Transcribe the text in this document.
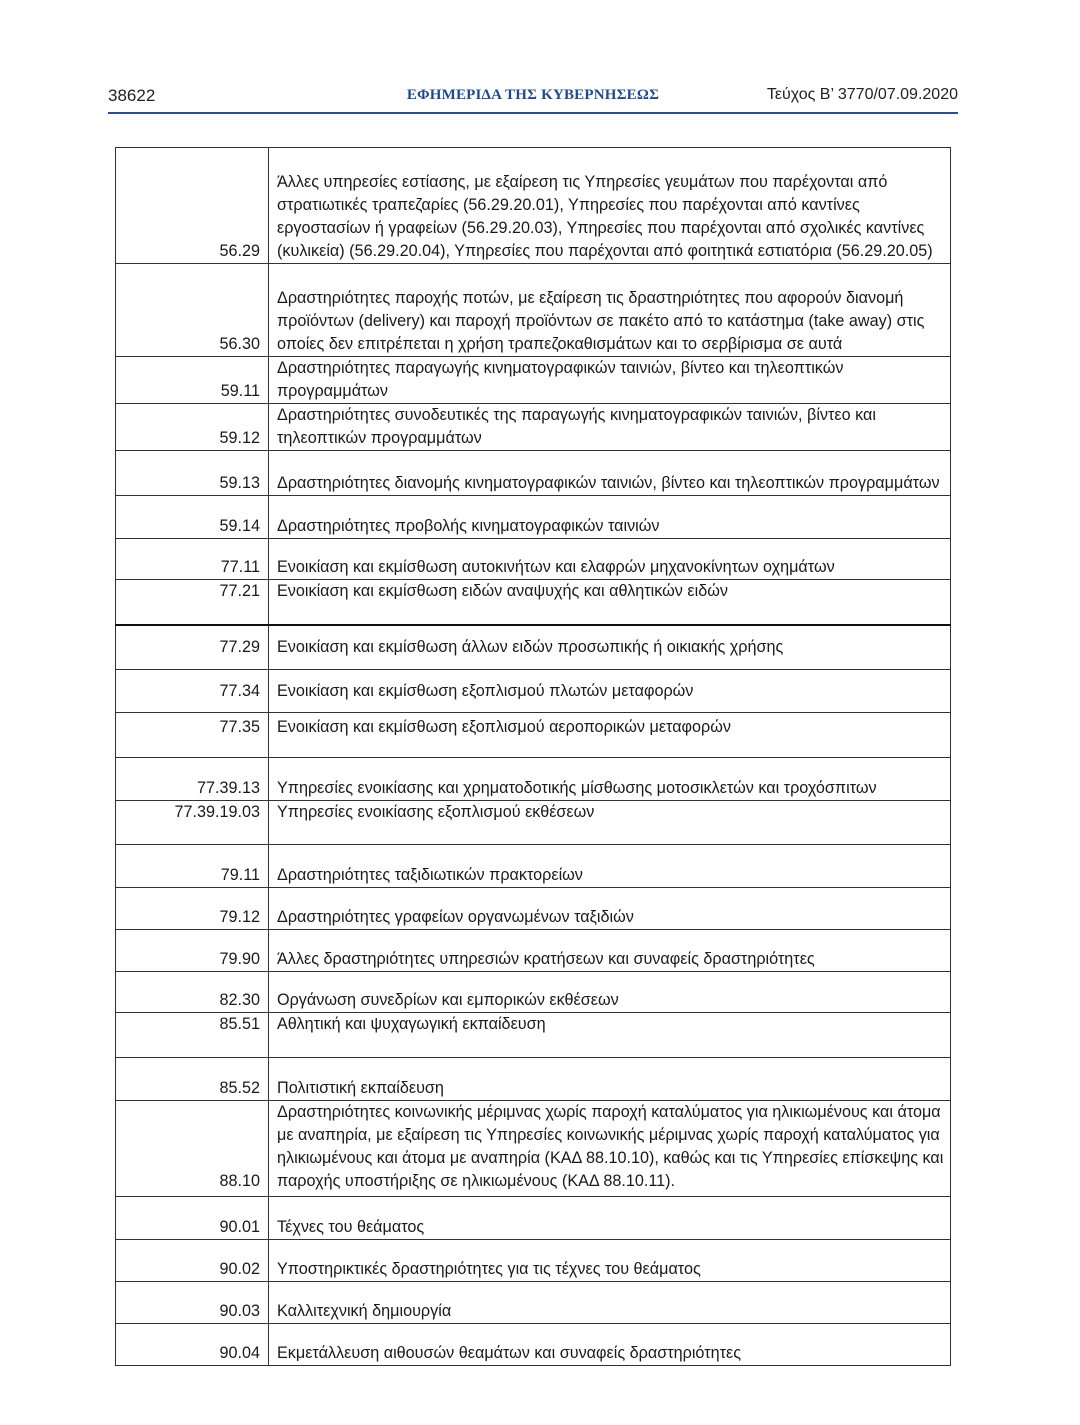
38622	ΕΦΗΜΕΡΙΔΑ ΤΗΣ ΚΥΒΕΡΝΗΣΕΩΣ	Τεύχος Β’ 3770/07.09.2020
56.29	Άλλες υπηρεσίες εστίασης, με εξαίρεση τις Υπηρεσίες γευμάτων που παρέχονται από στρατιωτικές τραπεζαρίες (56.29.20.01), Υπηρεσίες που παρέχονται από καντίνες εργοστασίων ή γραφείων (56.29.20.03), Υπηρεσίες που παρέχονται από σχολικές καντίνες (κυλικεία) (56.29.20.04), Υπηρεσίες που παρέχονται από φοιτητικά εστιατόρια (56.29.20.05)
56.30	Δραστηριότητες παροχής ποτών, με εξαίρεση τις δραστηριότητες που αφορούν διανομή προϊόντων (delivery) και παροχή προϊόντων σε πακέτο από το κατάστημα (take away) στις οποίες δεν επιτρέπεται η χρήση τραπεζοκαθισμάτων και το σερβίρισμα σε αυτά
59.11	Δραστηριότητες παραγωγής κινηματογραφικών ταινιών, βίντεο και τηλεοπτικών προγραμμάτων
59.12	Δραστηριότητες συνοδευτικές της παραγωγής κινηματογραφικών ταινιών, βίντεο και τηλεοπτικών προγραμμάτων
59.13	Δραστηριότητες διανομής κινηματογραφικών ταινιών, βίντεο και τηλεοπτικών προγραμμάτων
59.14	Δραστηριότητες προβολής κινηματογραφικών ταινιών
77.11	Ενοικίαση και εκμίσθωση αυτοκινήτων και ελαφρών μηχανοκίνητων οχημάτων
77.21	Ενοικίαση και εκμίσθωση ειδών αναψυχής και αθλητικών ειδών
77.29	Ενοικίαση και εκμίσθωση άλλων ειδών προσωπικής ή οικιακής χρήσης
77.34	Ενοικίαση και εκμίσθωση εξοπλισμού πλωτών μεταφορών
77.35	Ενοικίαση και εκμίσθωση εξοπλισμού αεροπορικών μεταφορών
77.39.13	Υπηρεσίες ενοικίασης και χρηματοδοτικής μίσθωσης μοτοσικλετών και τροχόσπιτων
77.39.19.03	Υπηρεσίες ενοικίασης εξοπλισμού εκθέσεων
79.11	Δραστηριότητες ταξιδιωτικών πρακτορείων
79.12	Δραστηριότητες γραφείων οργανωμένων ταξιδιών
79.90	Άλλες δραστηριότητες υπηρεσιών κρατήσεων και συναφείς δραστηριότητες
82.30	Οργάνωση συνεδρίων και εμπορικών εκθέσεων
85.51	Αθλητική και ψυχαγωγική εκπαίδευση
85.52	Πολιτιστική εκπαίδευση
88.10	Δραστηριότητες κοινωνικής μέριμνας χωρίς παροχή καταλύματος για ηλικιωμένους και άτομα με αναπηρία, με εξαίρεση τις Υπηρεσίες κοινωνικής μέριμνας χωρίς παροχή καταλύματος για ηλικιωμένους και άτομα με αναπηρία (ΚΑΔ 88.10.10), καθώς και τις Υπηρεσίες επίσκεψης και παροχής υποστήριξης σε ηλικιωμένους (ΚΑΔ 88.10.11).
90.01	Τέχνες του θεάματος
90.02	Υποστηρικτικές δραστηριότητες για τις τέχνες του θεάματος
90.03	Καλλιτεχνική δημιουργία
90.04	Εκμετάλλευση αιθουσών θεαμάτων και συναφείς δραστηριότητες
